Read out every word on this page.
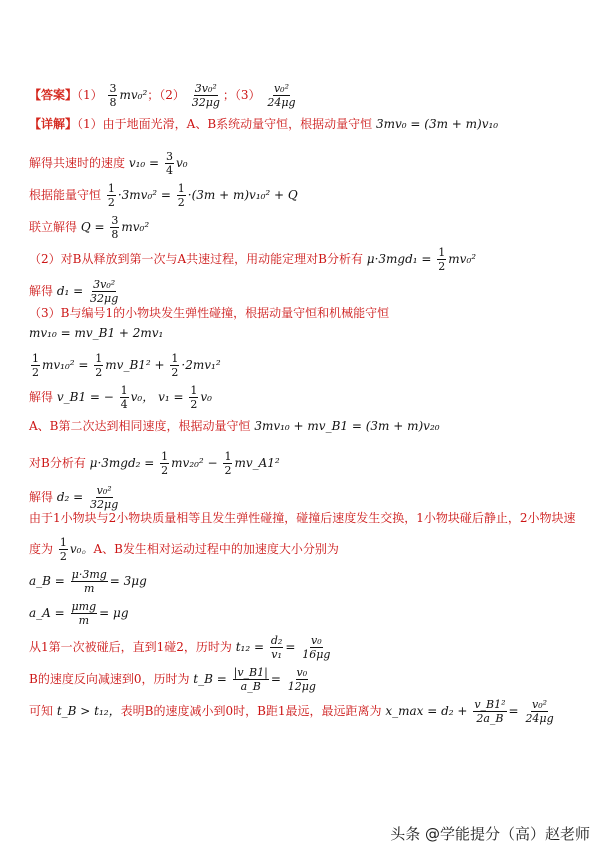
【答案】$(1) \frac{3}{8} mv_0^2$；$(2) \frac{\text{3v₀²}}{32\mu g}$ ；$(3) \frac{\text{v₀²}}{24\mu g}$
【详解】（1）由于地面光滑，A、B系统动量守恒，根据动量守恒 3mv₀ = (3m + m)v₁₀
解得共速时的速度 $v_{10} = \frac{3}{4} v_0$
根据能量守恒 $\frac{1}{2} \cdot 3mv_0^2 = \frac{1}{2} \cdot(3m + m)v_{10}^2 + Q$
联立解得 $Q = \frac{3}{8} mv_0^2$
（2）对B从释放到第一次与A共速过程，用动能定理对B分析有 $\mu\cdot 3mgd_1 = \frac{1}{2} mv_0^2$
解得 $d_1 = \frac{\text{3v₀²}}{32\mu g}$
（3）B与编号1的小物块发生弹性碰撞，根据动量守恒和机械能守恒
mv₁₀ = mv_B1 + 2mv₁
$\frac{1}{2} mv_{10}^2 = \frac{1}{2}$ mv_B1² + $\frac{1}{2} \cdot 2mv_1^2$
解得 v_B1 = − $\frac{1}{4} v_0$， $v_1 = \frac{1}{2} v_0$
A、B第二次达到相同速度，根据动量守恒 3mv₁₀ + mv_B1 = (3m + m)v₂₀
对B分析有 $\mu\cdot 3mgd_2 = \frac{1}{2} mv_{20}^2 - \frac{1}{2}$ mv_A1²
解得 $d_2 = \frac{\text{v₀²}}{32\mu g}$
由于1小物块与2小物块质量相等且发生弹性碰撞，碰撞后速度发生交换，1小物块碰后静止，2小物块速
度为 $\frac{1}{2} v_0$。A、B发生相对运动过程中的加速度大小分别为
a_B = $\frac{\mu\cdot 3mg}{m} = 3\mu g$
a_A = μmg
m
= μg
从1第一次被碰后，直到1碰2，历时为 $t_{12} = \frac{\text{d₂}}{\text{v₁}} = \frac{\text{v₀}}{16\mu g}$
B的速度反向减速到0，历时为 t_B = $\frac{|v\_B1|}{a\_B} = \frac{\text{v₀}}{12\mu g}$
可知 t_B > t₁₂，表明B的速度减小到0时，B距1最远，最远距离为 x_max = $d_2 + \frac{\text{v\_B1²}}{2a\_B} = \frac{\text{v₀²}}{24\mu g}$
头条 @学能提分（高）赵老师
